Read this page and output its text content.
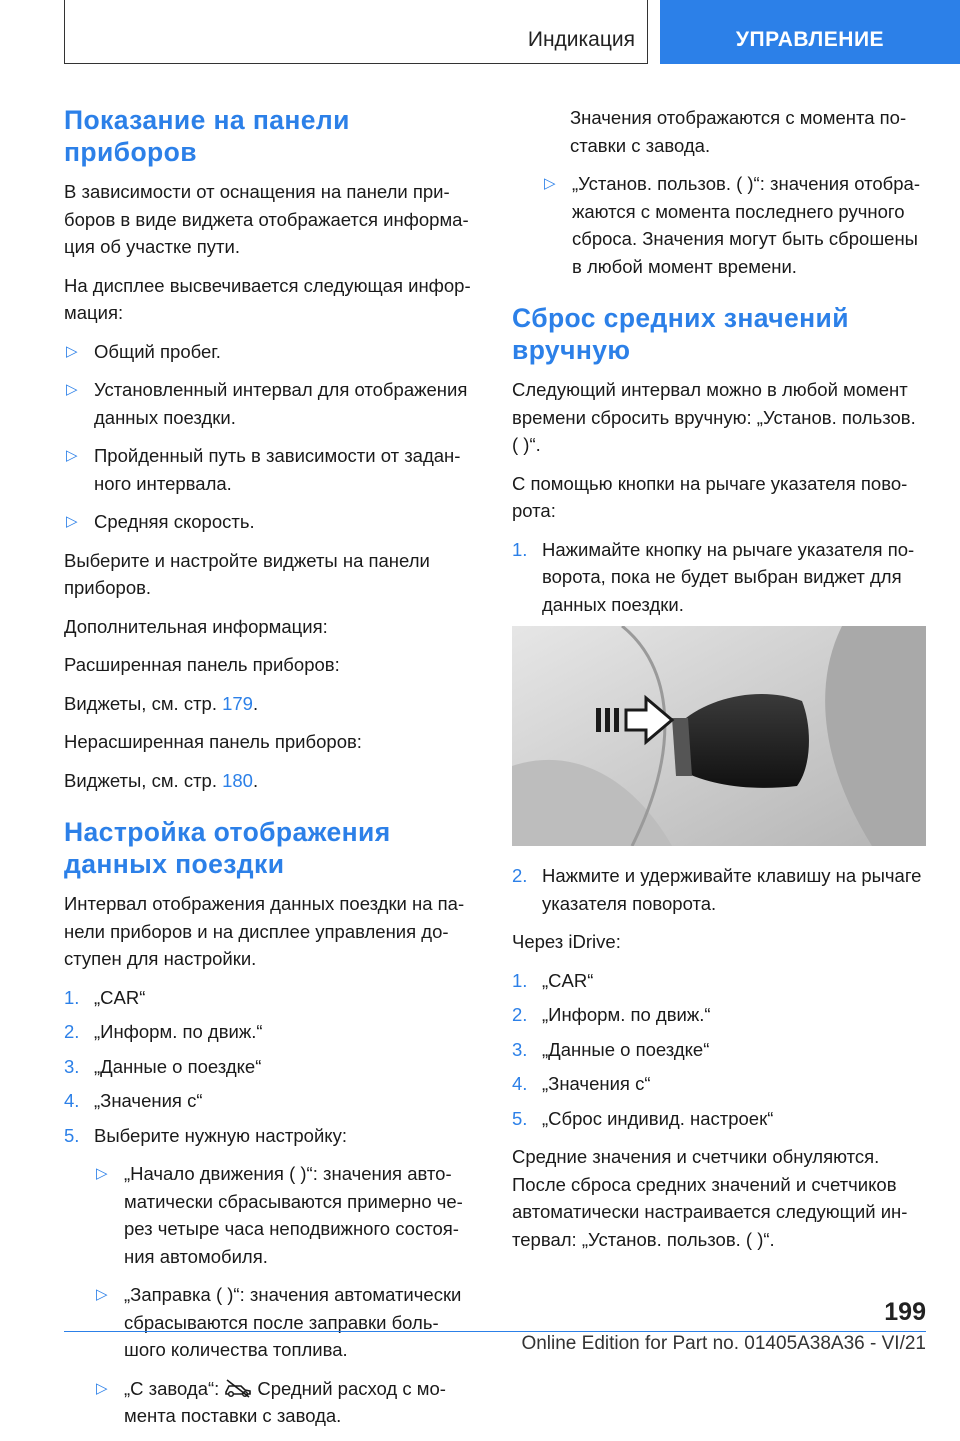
Индикация	УПРАВЛЕНИЕ
Показание на панели приборов

В зависимости от оснащения на панели при-боров в виде виджета отображается информа-ция об участке пути.

На дисплее высвечивается следующая инфор-мация:

▷ Общий пробег.
▷ Установленный интервал для отображения данных поездки.
▷ Пройденный путь в зависимости от задан-ного интервала.
▷ Средняя скорость.

Выберите и настройте виджеты на панели приборов.

Дополнительная информация:

Расширенная панель приборов:

Виджеты, см. стр. 179.

Нерасширенная панель приборов:

Виджеты, см. стр. 180.

Настройка отображения данных поездки

Интервал отображения данных поездки на па-нели приборов и на дисплее управления до-ступен для настройки.

1. „CAR“
2. „Информ. по движ.“
3. „Данные о поездке“
4. „Значения с“
5. Выберите нужную настройку:
▷ „Начало движения ( )“: значения авто-матически сбрасываются примерно че-рез четыре часа неподвижного состоя-ния автомобиля.
▷ „Заправка ( )“: значения автоматически сбрасываются после заправки боль-шого количества топлива.
▷ „С завода“: Средний расход с мо-мента поставки с завода.

Значения отображаются с момента по-ставки с завода.

▷ „Установ. пользов. ( )“: значения отобра-жаются с момента последнего ручного сброса. Значения могут быть сброшены в любой момент времени.
Сброс средних значений вручную

Следующий интервал можно в любой момент времени сбросить вручную: „Установ. пользов. ( )“.

С помощью кнопки на рычаге указателя пово-рота:

1. Нажимайте кнопку на рычаге указателя по-ворота, пока не будет выбран виджет для данных поездки.
2. Нажмите и удерживайте клавишу на рычаге указателя поворота.

Через iDrive:

1. „CAR“
2. „Информ. по движ.“
3. „Данные о поездке“
4. „Значения с“
5. „Сброс индивид. настроек“

Средние значения и счетчики обнуляются. После сброса средних значений и счетчиков автоматически настраивается следующий ин-тервал: „Установ. пользов. ( )“.

199
Online Edition for Part no. 01405A38A36 - VI/21
